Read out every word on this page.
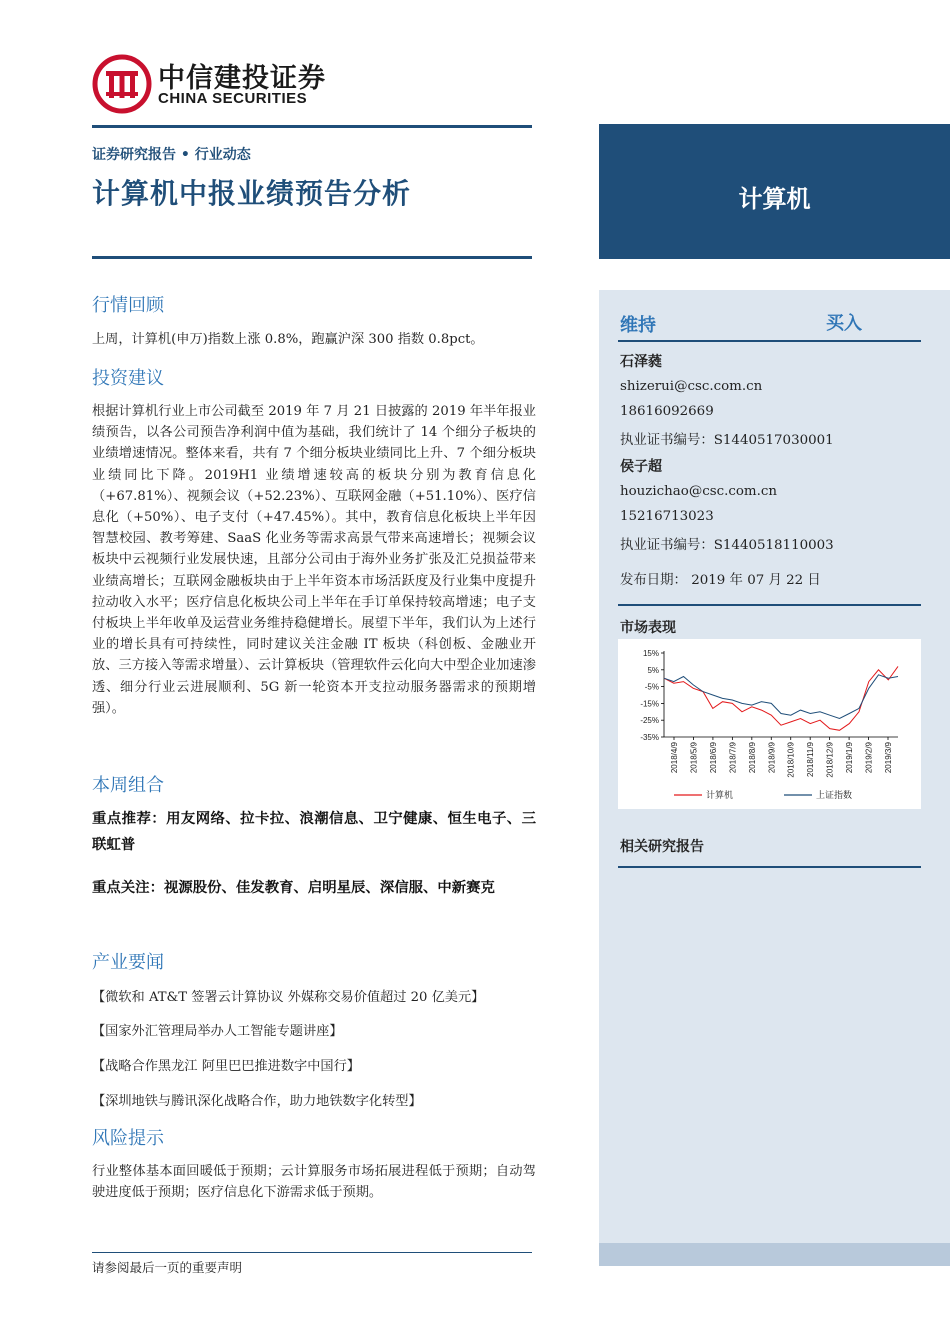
中信建投证券
CHINA SECURITIES
证券研究报告 • 行业动态
计算机中报业绩预告分析
行情回顾
上周，计算机(申万)指数上涨 0.8%，跑赢沪深 300 指数 0.8pct。
投资建议
根据计算机行业上市公司截至 2019 年 7 月 21 日披露的 2019 年半年报业绩预告，以各公司预告净利润中值为基础，我们统计了 14 个细分子板块的业绩增速情况。整体来看，共有 7 个细分板块业绩同比上升、7 个细分板块业绩同比下降。2019H1 业绩增速较高的板块分别为教育信息化（+67.81%）、视频会议（+52.23%）、互联网金融（+51.10%）、医疗信息化（+50%）、电子支付（+47.45%）。其中，教育信息化板块上半年因智慧校园、教考筹建、SaaS 化业务等需求高景气带来高速增长；视频会议板块中云视频行业发展快速，且部分公司由于海外业务扩张及汇兑损益带来业绩高增长；互联网金融板块由于上半年资本市场活跃度及行业集中度提升拉动收入水平；医疗信息化板块公司上半年在手订单保持较高增速；电子支付板块上半年收单及运营业务维持稳健增长。展望下半年，我们认为上述行业的增长具有可持续性，同时建议关注金融 IT 板块（科创板、金融业开放、三方接入等需求增量）、云计算板块（管理软件云化向大中型企业加速渗透、细分行业云进展顺利、5G 新一轮资本开支拉动服务器需求的预期增强）。
本周组合
重点推荐：用友网络、拉卡拉、浪潮信息、卫宁健康、恒生电子、三联虹普
重点关注：视源股份、佳发教育、启明星辰、深信服、中新赛克
产业要闻
【微软和 AT&T 签署云计算协议 外媒称交易价值超过 20 亿美元】
【国家外汇管理局举办人工智能专题讲座】
【战略合作黑龙江 阿里巴巴推进数字中国行】
【深圳地铁与腾讯深化战略合作，助力地铁数字化转型】
风险提示
行业整体基本面回暖低于预期；云计算服务市场拓展进程低于预期；自动驾驶进度低于预期；医疗信息化下游需求低于预期。
计算机
维持	买入
石泽蕤
shizerui@csc.com.cn
18616092669
执业证书编号：S1440517030001
侯子超
houzichao@csc.com.cn
15216713023
执业证书编号：S1440518110003
发布日期： 2019 年 07 月 22 日
市场表现
15%
5%
-5%
-15%
-25%
-35%
2018/4/9 2018/5/9 2018/6/9 2018/7/9 2018/8/9 2018/9/9 2018/10/9 2018/11/9 2018/12/9 2019/1/9 2019/2/9 2019/3/9
计算机	上证指数
相关研究报告
请参阅最后一页的重要声明
